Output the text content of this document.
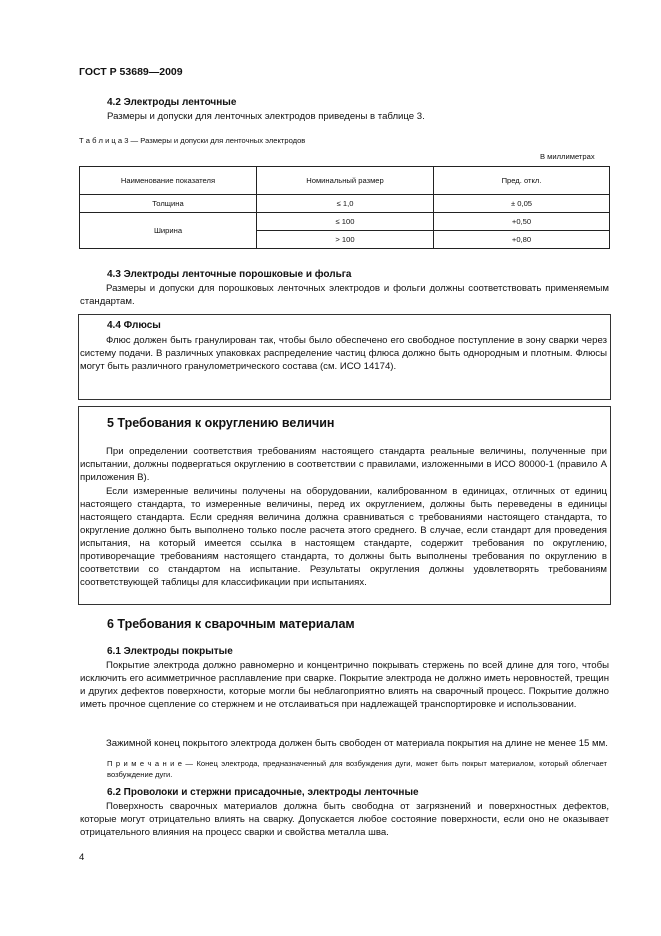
ГОСТ Р 53689—2009
4.2 Электроды ленточные
Размеры и допуски для ленточных электродов приведены в таблице 3.
Т а б л и ц а 3 — Размеры и допуски для ленточных электродов
В миллиметрах
Наименование показателя	Номинальный размер	Пред. откл.
Толщина	≤ 1,0	± 0,05
Ширина	≤ 100	+0,50
	> 100	+0,80
4.3 Электроды ленточные порошковые и фольга
Размеры и допуски для порошковых ленточных электродов и фольги должны соответствовать применяемым стандартам.
4.4 Флюсы
Флюс должен быть гранулирован так, чтобы было обеспечено его свободное поступление в зону сварки через систему подачи. В различных упаковках распределение частиц флюса должно быть однородным и плотным. Флюсы могут быть различного гранулометрического состава (см. ИСО 14174).
5 Требования к округлению величин
При определении соответствия требованиям настоящего стандарта реальные величины, полученные при испытании, должны подвергаться округлению в соответствии с правилами, изложенными в ИСО 80000-1 (правило А приложения В).
Если измеренные величины получены на оборудовании, калиброванном в единицах, отличных от единиц настоящего стандарта, то измеренные величины, перед их округлением, должны быть переведены в единицы настоящего стандарта. Если средняя величина должна сравниваться с требованиями настоящего стандарта, то округление должно быть выполнено только после расчета этого среднего. В случае, если стандарт для проведения испытания, на который имеется ссылка в настоящем стандарте, содержит требования по округлению, противоречащие требованиям настоящего стандарта, то должны быть выполнены требования по округлению в соответствии со стандартом на испытание. Результаты округления должны удовлетворять требованиям соответствующей таблицы для классификации при испытаниях.
6 Требования к сварочным материалам
6.1 Электроды покрытые
Покрытие электрода должно равномерно и концентрично покрывать стержень по всей длине для того, чтобы исключить его асимметричное расплавление при сварке. Покрытие электрода не должно иметь неровностей, трещин и других дефектов поверхности, которые могли бы неблагоприятно влиять на сварочный процесс. Покрытие должно иметь прочное сцепление со стержнем и не отслаиваться при надлежащей транспортировке и использовании.
Зажимной конец покрытого электрода должен быть свободен от материала покрытия на длине не менее 15 мм.
П р и м е ч а н и е — Конец электрода, предназначенный для возбуждения дуги, может быть покрыт материалом, который облегчает возбуждение дуги.
6.2 Проволоки и стержни присадочные, электроды ленточные
Поверхность сварочных материалов должна быть свободна от загрязнений и поверхностных дефектов, которые могут отрицательно влиять на сварку. Допускается любое состояние поверхности, если оно не оказывает отрицательного влияния на процесс сварки и свойства металла шва.
4
